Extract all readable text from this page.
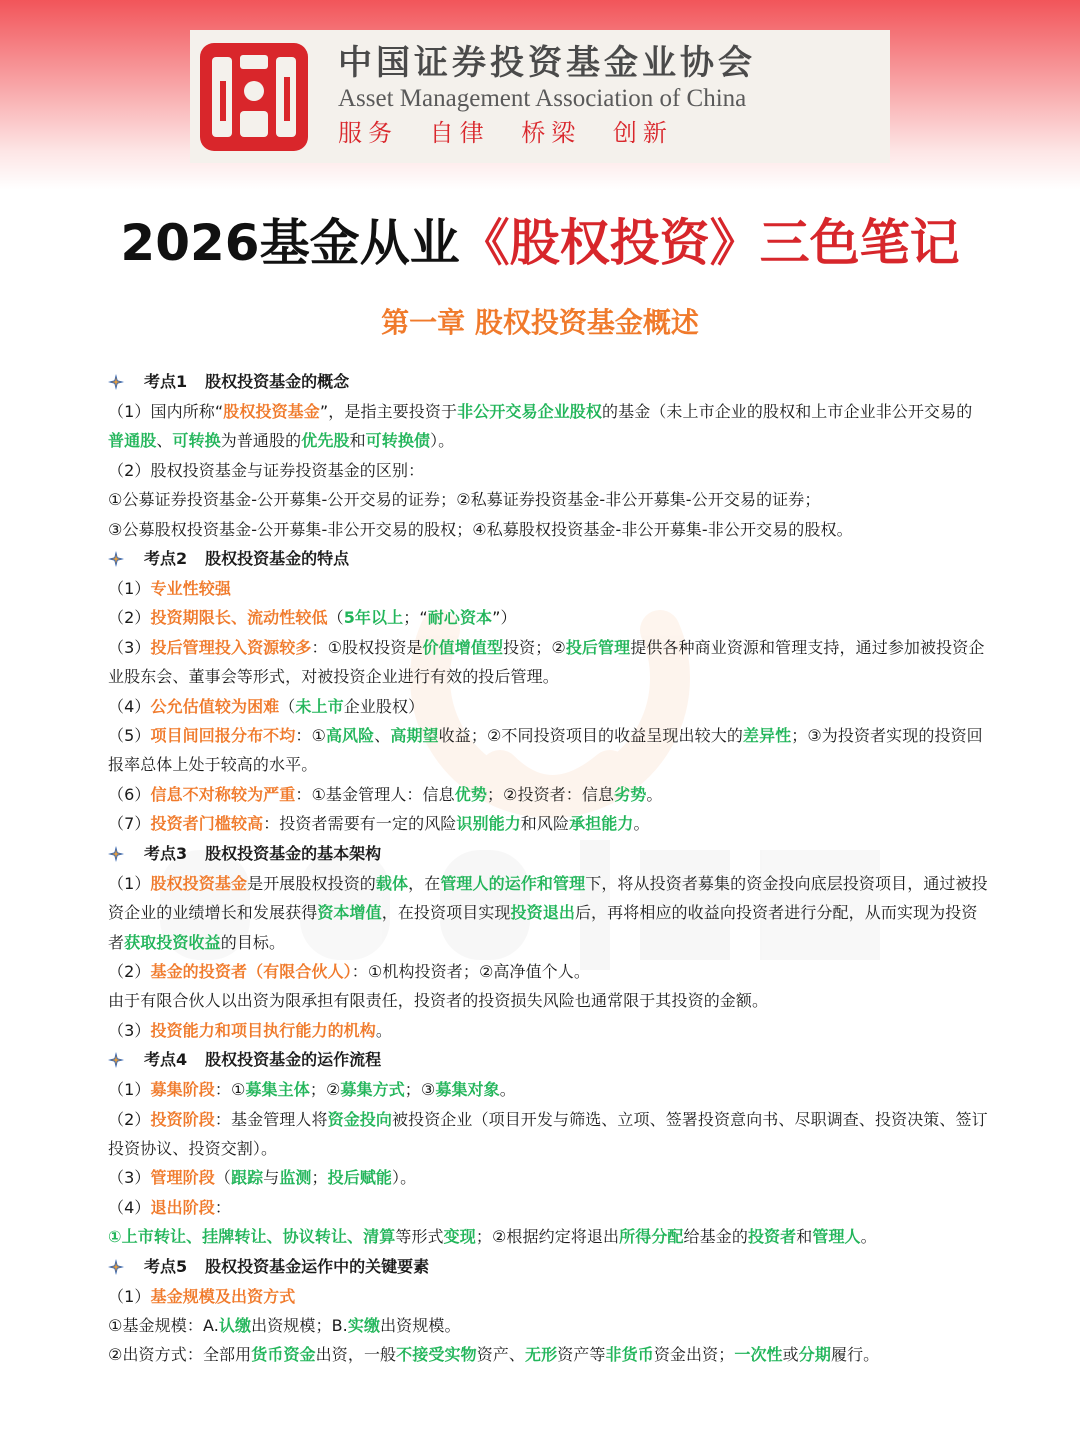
中国证券投资基金业协会
Asset Management Association of China
服务 自律 桥梁 创新
2026基金从业《股权投资》三色笔记
第一章 股权投资基金概述
考点1 股权投资基金的概念
（1）国内所称“股权投资基金”，是指主要投资于非公开交易企业股权的基金（未上市企业的股权和上市企业非公开交易的普通股、可转换为普通股的优先股和可转换债）。
（2）股权投资基金与证券投资基金的区别：
①公募证券投资基金-公开募集-公开交易的证券；②私募证券投资基金-非公开募集-公开交易的证券；
③公募股权投资基金-公开募集-非公开交易的股权；④私募股权投资基金-非公开募集-非公开交易的股权。
考点2 股权投资基金的特点
（1）专业性较强
（2）投资期限长、流动性较低（5年以上；“耐心资本”）
（3）投后管理投入资源较多：①股权投资是价值增值型投资；②投后管理提供各种商业资源和管理支持，通过参加被投资企业股东会、董事会等形式，对被投资企业进行有效的投后管理。
（4）公允估值较为困难（未上市企业股权）
（5）项目间回报分布不均：①高风险、高期望收益；②不同投资项目的收益呈现出较大的差异性；③为投资者实现的投资回报率总体上处于较高的水平。
（6）信息不对称较为严重：①基金管理人：信息优势；②投资者：信息劣势。
（7）投资者门槛较高：投资者需要有一定的风险识别能力和风险承担能力。
考点3 股权投资基金的基本架构
（1）股权投资基金是开展股权投资的载体，在管理人的运作和管理下，将从投资者募集的资金投向底层投资项目，通过被投资企业的业绩增长和发展获得资本增值，在投资项目实现投资退出后，再将相应的收益向投资者进行分配，从而实现为投资者获取投资收益的目标。
（2）基金的投资者（有限合伙人）：①机构投资者；②高净值个人。
由于有限合伙人以出资为限承担有限责任，投资者的投资损失风险也通常限于其投资的金额。
（3）投资能力和项目执行能力的机构。
考点4 股权投资基金的运作流程
（1）募集阶段：①募集主体；②募集方式；③募集对象。
（2）投资阶段：基金管理人将资金投向被投资企业（项目开发与筛选、立项、签署投资意向书、尽职调查、投资决策、签订投资协议、投资交割）。
（3）管理阶段（跟踪与监测；投后赋能）。
（4）退出阶段：
①上市转让、挂牌转让、协议转让、清算等形式变现；②根据约定将退出所得分配给基金的投资者和管理人。
考点5 股权投资基金运作中的关键要素
（1）基金规模及出资方式
①基金规模：A.认缴出资规模；B.实缴出资规模。
②出资方式：全部用货币资金出资，一般不接受实物资产、无形资产等非货币资金出资；一次性或分期履行。
